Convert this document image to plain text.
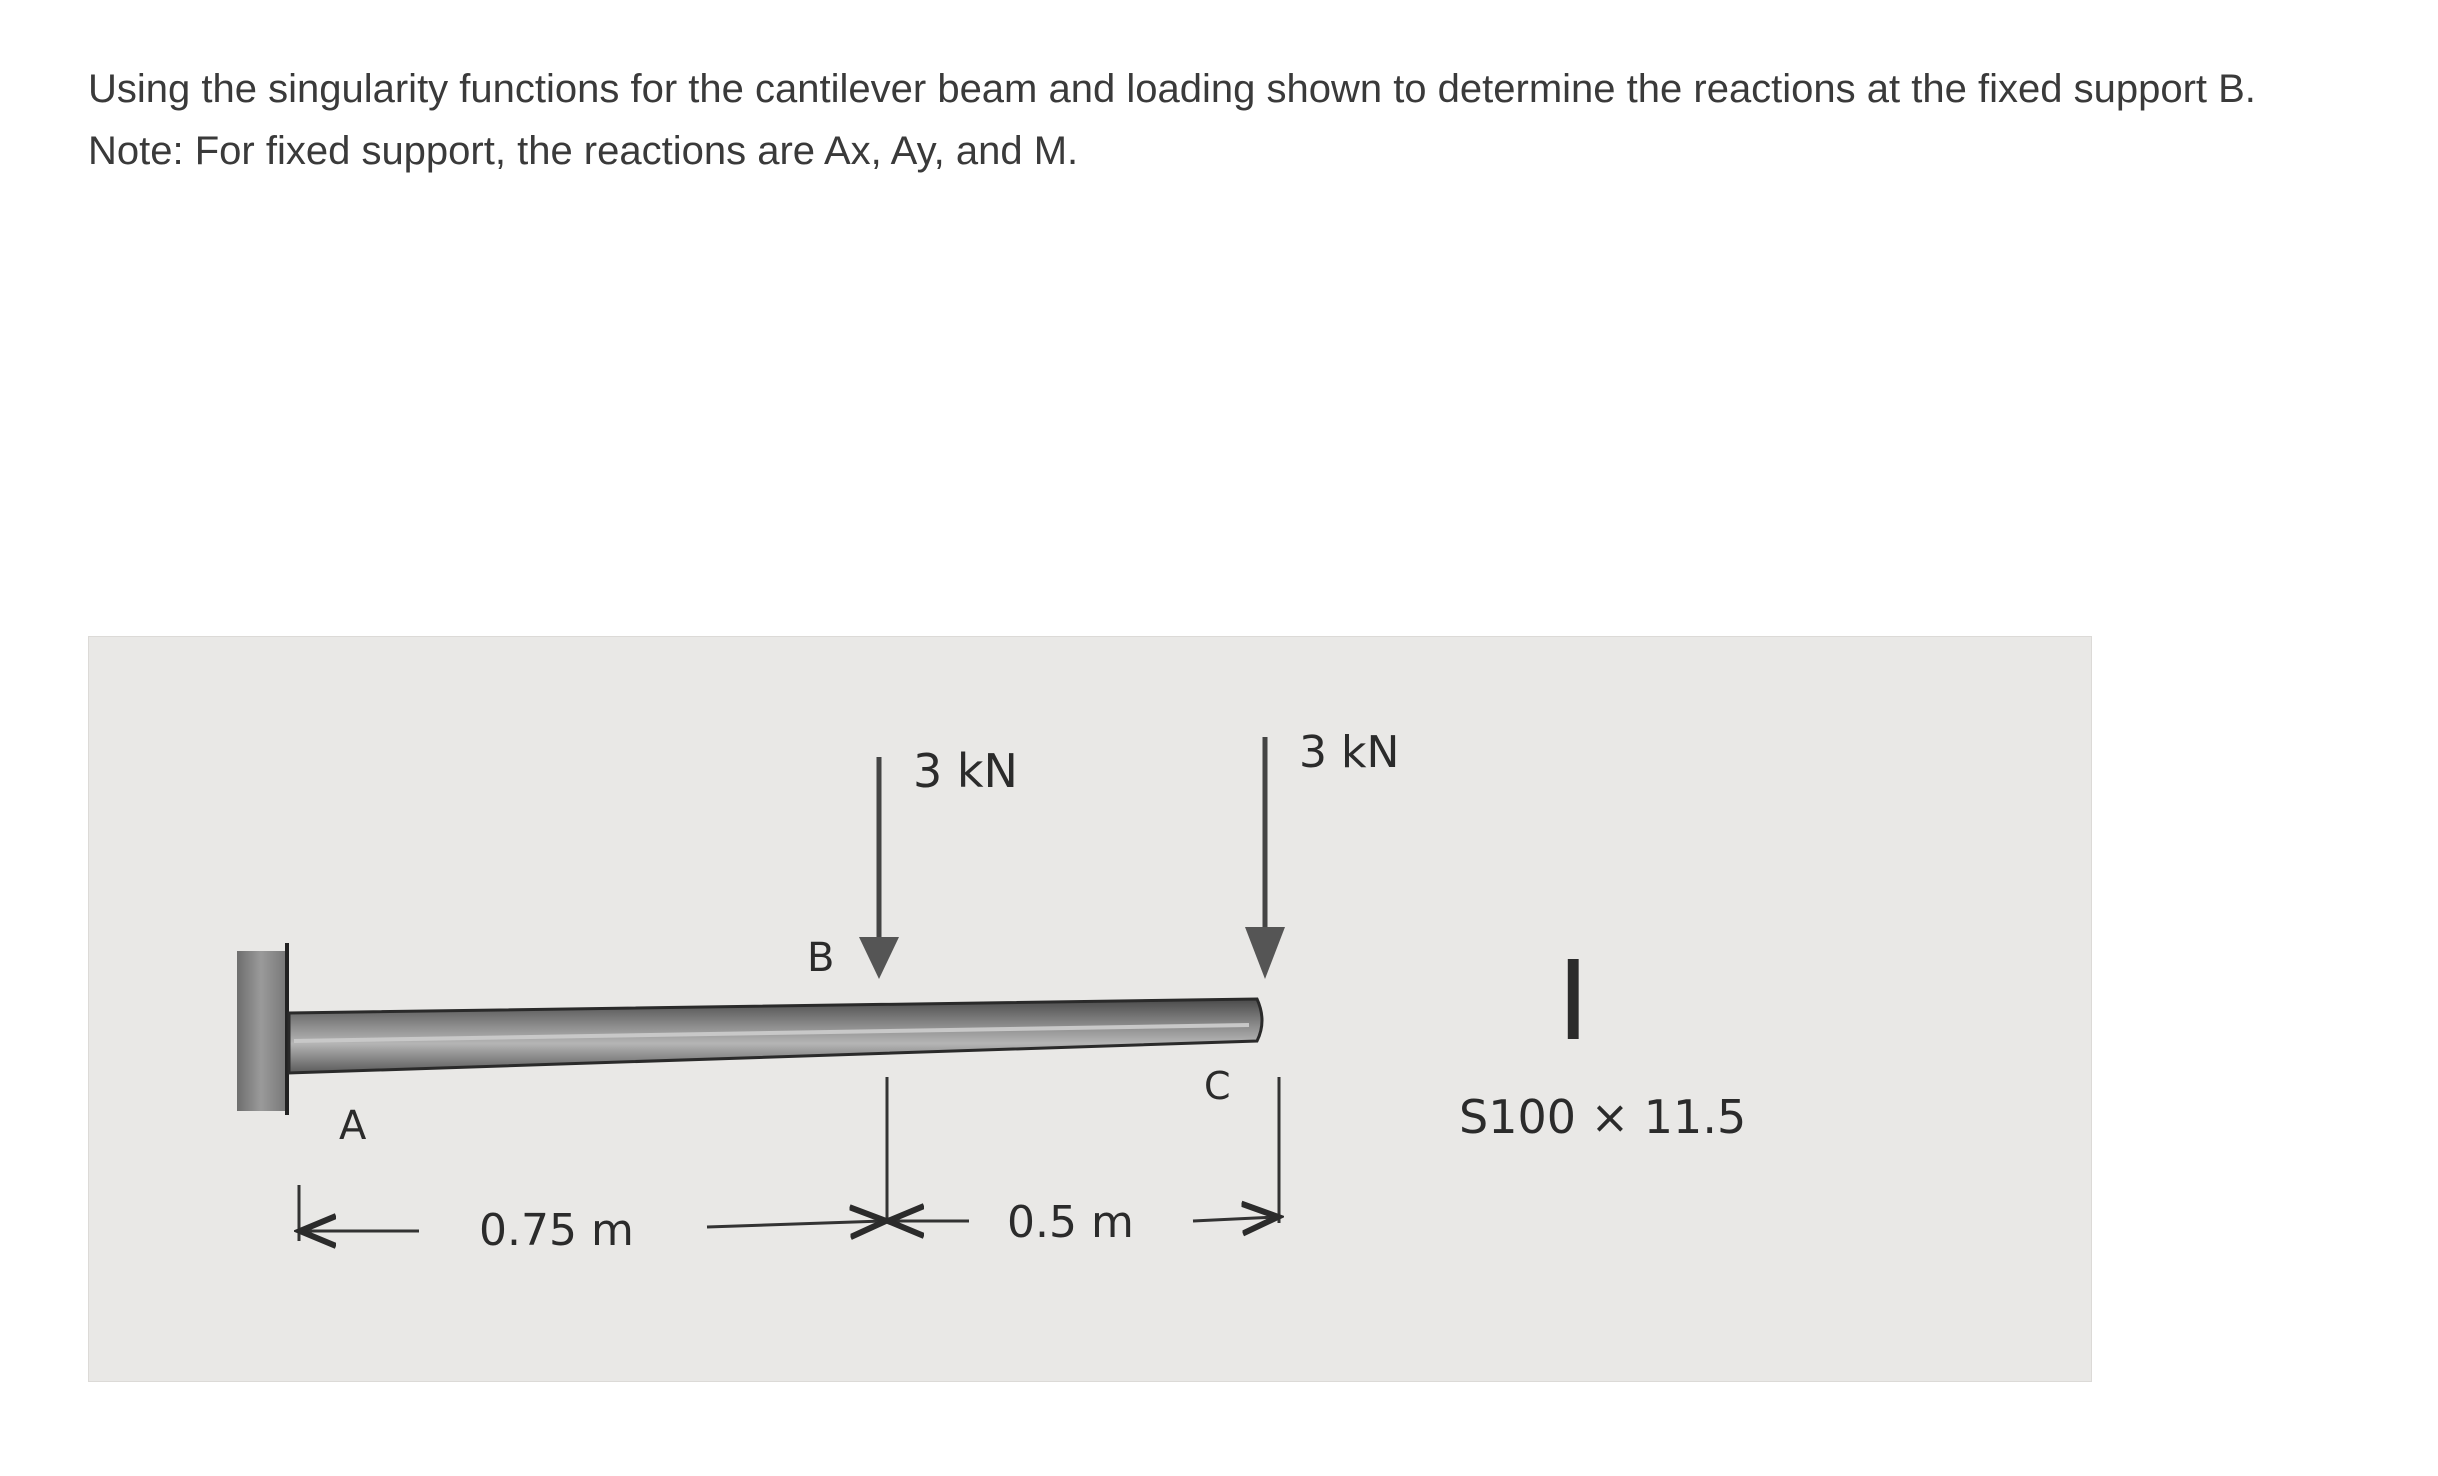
Using the singularity functions for the cantilever beam and loading shown to determine the reactions at the fixed support B.

Note: For fixed support, the reactions are Ax, Ay, and M.

3 kN	3 kN
A
B
C
0.75 m	0.5 m
I
S100 × 11.5
